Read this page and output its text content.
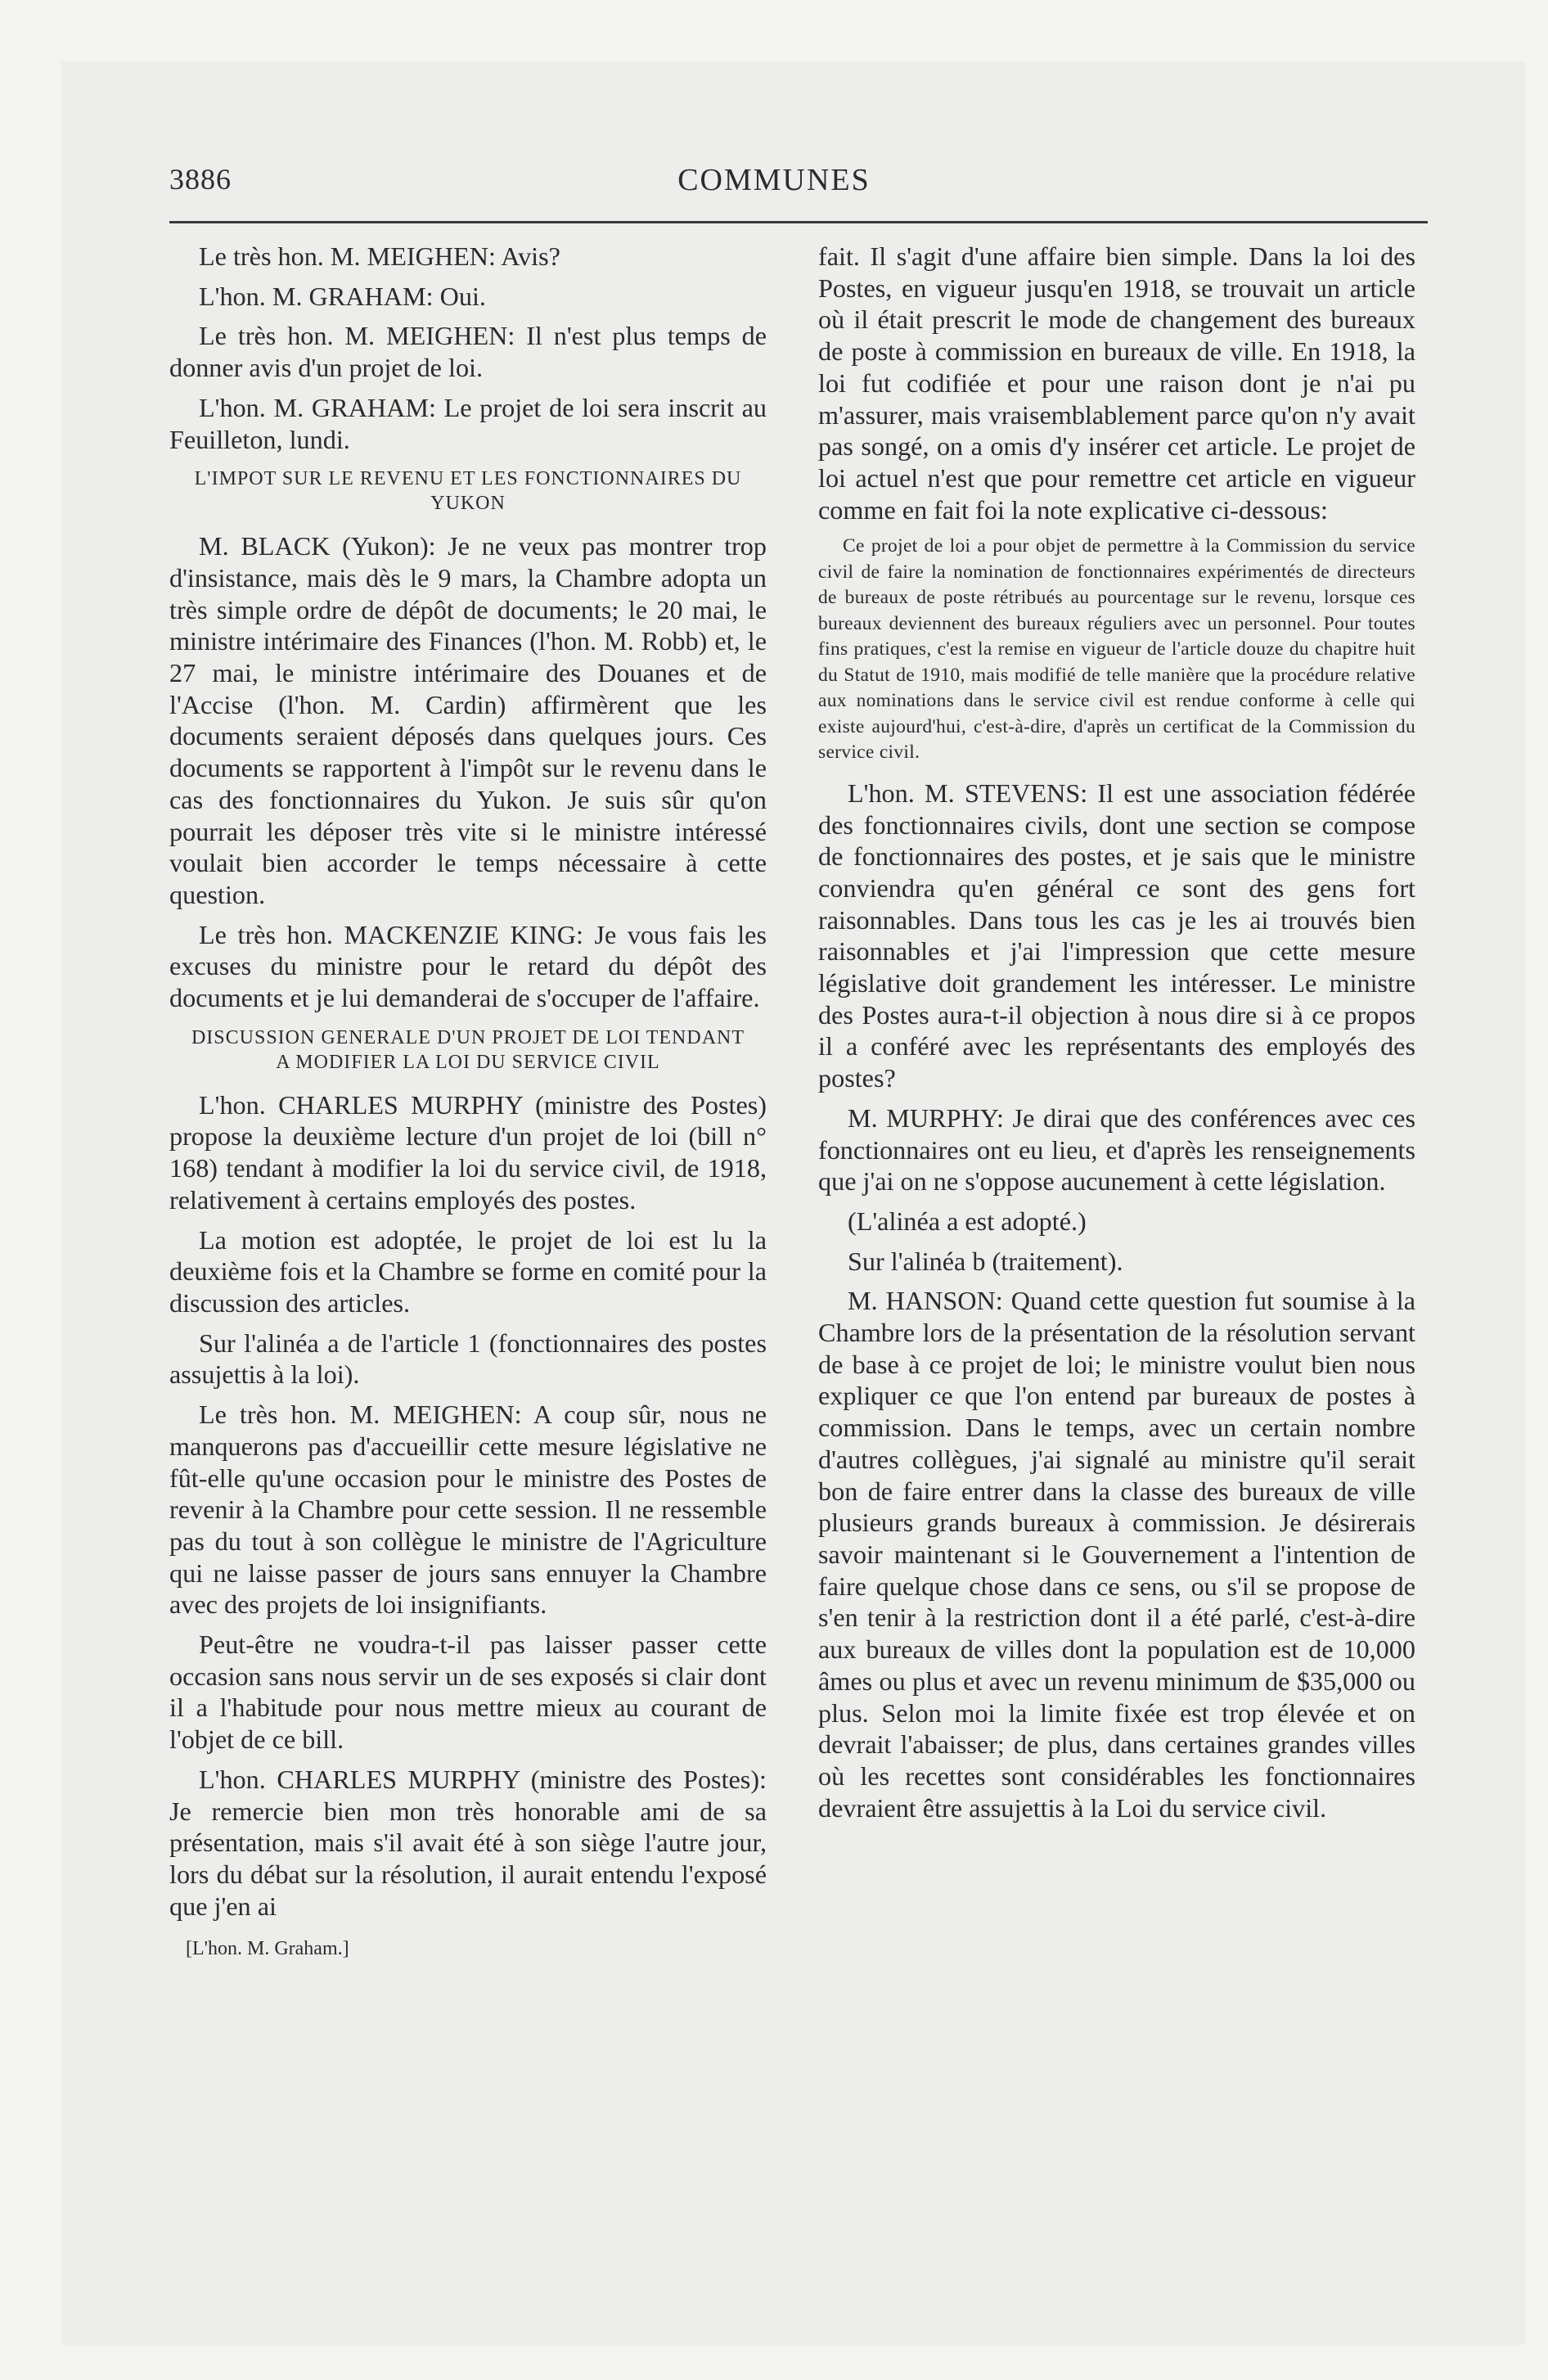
3886	COMMUNES

Le très hon. M. MEIGHEN: Avis?

L'hon. M. GRAHAM: Oui.

Le très hon. M. MEIGHEN: Il n'est plus temps de donner avis d'un projet de loi.

L'hon. M. GRAHAM: Le projet de loi sera inscrit au Feuilleton, lundi.

L'IMPOT SUR LE REVENU ET LES FONCTIONNAIRES DU YUKON

M. BLACK (Yukon): Je ne veux pas montrer trop d'insistance, mais dès le 9 mars, la Chambre adopta un très simple ordre de dépôt de documents; le 20 mai, le ministre intérimaire des Finances (l'hon. M. Robb) et, le 27 mai, le ministre intérimaire des Douanes et de l'Accise (l'hon. M. Cardin) affirmèrent que les documents seraient déposés dans quelques jours. Ces documents se rapportent à l'impôt sur le revenu dans le cas des fonctionnaires du Yukon. Je suis sûr qu'on pourrait les déposer très vite si le ministre intéressé voulait bien accorder le temps nécessaire à cette question.

Le très hon. MACKENZIE KING: Je vous fais les excuses du ministre pour le retard du dépôt des documents et je lui demanderai de s'occuper de l'affaire.

DISCUSSION GENERALE D'UN PROJET DE LOI TENDANT A MODIFIER LA LOI DU SERVICE CIVIL

L'hon. CHARLES MURPHY (ministre des Postes) propose la deuxième lecture d'un projet de loi (bill n° 168) tendant à modifier la loi du service civil, de 1918, relativement à certains employés des postes.

La motion est adoptée, le projet de loi est lu la deuxième fois et la Chambre se forme en comité pour la discussion des articles.

Sur l'alinéa a de l'article 1 (fonctionnaires des postes assujettis à la loi).

Le très hon. M. MEIGHEN: A coup sûr, nous ne manquerons pas d'accueillir cette mesure législative ne fût-elle qu'une occasion pour le ministre des Postes de revenir à la Chambre pour cette session. Il ne ressemble pas du tout à son collègue le ministre de l'Agriculture qui ne laisse passer de jours sans ennuyer la Chambre avec des projets de loi insignifiants.

Peut-être ne voudra-t-il pas laisser passer cette occasion sans nous servir un de ses exposés si clair dont il a l'habitude pour nous mettre mieux au courant de l'objet de ce bill.

L'hon. CHARLES MURPHY (ministre des Postes): Je remercie bien mon très honorable ami de sa présentation, mais s'il avait été à son siège l'autre jour, lors du débat sur la résolution, il aurait entendu l'exposé que j'en ai

[L'hon. M. Graham.]

fait. Il s'agit d'une affaire bien simple. Dans la loi des Postes, en vigueur jusqu'en 1918, se trouvait un article où il était prescrit le mode de changement des bureaux de poste à commission en bureaux de ville. En 1918, la loi fut codifiée et pour une raison dont je n'ai pu m'assurer, mais vraisemblablement parce qu'on n'y avait pas songé, on a omis d'y insérer cet article. Le projet de loi actuel n'est que pour remettre cet article en vigueur comme en fait foi la note explicative ci-dessous:

Ce projet de loi a pour objet de permettre à la Commission du service civil de faire la nomination de fonctionnaires expérimentés de directeurs de bureaux de poste rétribués au pourcentage sur le revenu, lorsque ces bureaux deviennent des bureaux réguliers avec un personnel. Pour toutes fins pratiques, c'est la remise en vigueur de l'article douze du chapitre huit du Statut de 1910, mais modifié de telle manière que la procédure relative aux nominations dans le service civil est rendue conforme à celle qui existe aujourd'hui, c'est-à-dire, d'après un certificat de la Commission du service civil.

L'hon. M. STEVENS: Il est une association fédérée des fonctionnaires civils, dont une section se compose de fonctionnaires des postes, et je sais que le ministre conviendra qu'en général ce sont des gens fort raisonnables. Dans tous les cas je les ai trouvés bien raisonnables et j'ai l'impression que cette mesure législative doit grandement les intéresser. Le ministre des Postes aura-t-il objection à nous dire si à ce propos il a conféré avec les représentants des employés des postes?

M. MURPHY: Je dirai que des conférences avec ces fonctionnaires ont eu lieu, et d'après les renseignements que j'ai on ne s'oppose aucunement à cette législation.

(L'alinéa a est adopté.)

Sur l'alinéa b (traitement).

M. HANSON: Quand cette question fut soumise à la Chambre lors de la présentation de la résolution servant de base à ce projet de loi; le ministre voulut bien nous expliquer ce que l'on entend par bureaux de postes à commission. Dans le temps, avec un certain nombre d'autres collègues, j'ai signalé au ministre qu'il serait bon de faire entrer dans la classe des bureaux de ville plusieurs grands bureaux à commission. Je désirerais savoir maintenant si le Gouvernement a l'intention de faire quelque chose dans ce sens, ou s'il se propose de s'en tenir à la restriction dont il a été parlé, c'est-à-dire aux bureaux de villes dont la population est de 10,000 âmes ou plus et avec un revenu minimum de $35,000 ou plus. Selon moi la limite fixée est trop élevée et on devrait l'abaisser; de plus, dans certaines grandes villes où les recettes sont considérables les fonctionnaires devraient être assujettis à la Loi du service civil.
